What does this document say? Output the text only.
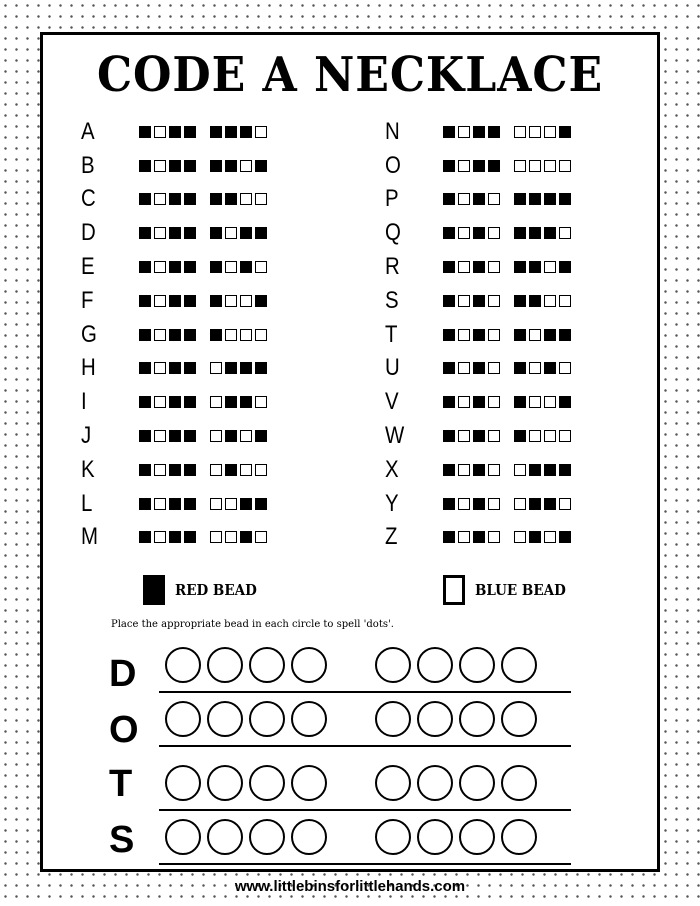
CODE A NECKLACE
A
B
C
D
E
F
G
H
I
J
K
L
M
N
O
P
Q
R
S
T
U
V
W
X
Y
Z
RED BEAD	BLUE BEAD

Place the appropriate bead in each circle to spell 'dots'.

D
O
T
S

www.littlebinsforlittlehands.com
